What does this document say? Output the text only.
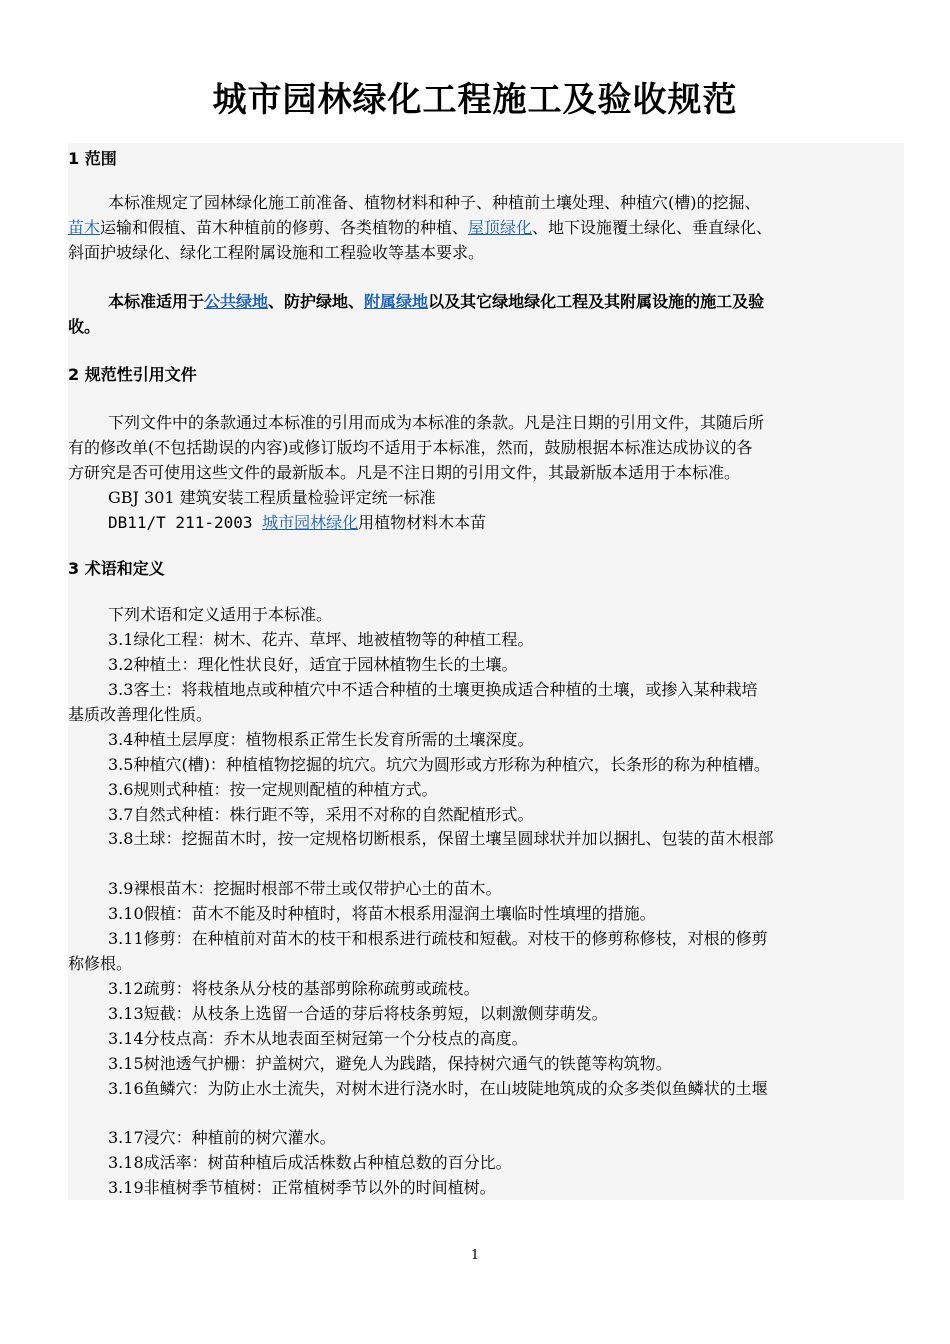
城市园林绿化工程施工及验收规范
1 范围
本标准规定了园林绿化施工前准备、植物材料和种子、种植前土壤处理、种植穴(槽)的挖掘、
苗木运输和假植、苗木种植前的修剪、各类植物的种植、屋顶绿化、地下设施覆土绿化、垂直绿化、
斜面护坡绿化、绿化工程附属设施和工程验收等基本要求。
本标准适用于公共绿地、防护绿地、附属绿地以及其它绿地绿化工程及其附属设施的施工及验
收。
2 规范性引用文件
下列文件中的条款通过本标准的引用而成为本标准的条款。凡是注日期的引用文件，其随后所
有的修改单(不包括勘误的内容)或修订版均不适用于本标准，然而，鼓励根据本标准达成协议的各
方研究是否可使用这些文件的最新版本。凡是不注日期的引用文件，其最新版本适用于本标准。
GBJ 301 建筑安装工程质量检验评定统一标准
DB11/T 211-2003 城市园林绿化用植物材料木本苗
3 术语和定义
下列术语和定义适用于本标准。
3.1绿化工程：树木、花卉、草坪、地被植物等的种植工程。
3.2种植土：理化性状良好，适宜于园林植物生长的土壤。
3.3客土：将栽植地点或种植穴中不适合种植的土壤更换成适合种植的土壤，或掺入某种栽培
基质改善理化性质。
3.4种植土层厚度：植物根系正常生长发育所需的土壤深度。
3.5种植穴(槽)：种植植物挖掘的坑穴。坑穴为圆形或方形称为种植穴，长条形的称为种植槽。
3.6规则式种植：按一定规则配植的种植方式。
3.7自然式种植：株行距不等，采用不对称的自然配植形式。
3.8土球：挖掘苗木时，按一定规格切断根系，保留土壤呈圆球状并加以捆扎、包装的苗木根部
3.9裸根苗木：挖掘时根部不带土或仅带护心土的苗木。
3.10假植：苗木不能及时种植时，将苗木根系用湿润土壤临时性填埋的措施。
3.11修剪：在种植前对苗木的枝干和根系进行疏枝和短截。对枝干的修剪称修枝，对根的修剪
称修根。
3.12疏剪：将枝条从分枝的基部剪除称疏剪或疏枝。
3.13短截：从枝条上选留一合适的芽后将枝条剪短，以刺激侧芽萌发。
3.14分枝点高：乔木从地表面至树冠第一个分枝点的高度。
3.15树池透气护栅：护盖树穴，避免人为践踏，保持树穴通气的铁蓖等构筑物。
3.16鱼鳞穴：为防止水土流失，对树木进行浇水时，在山坡陡地筑成的众多类似鱼鳞状的土堰
3.17浸穴：种植前的树穴灌水。
3.18成活率：树苗种植后成活株数占种植总数的百分比。
3.19非植树季节植树：正常植树季节以外的时间植树。
1
